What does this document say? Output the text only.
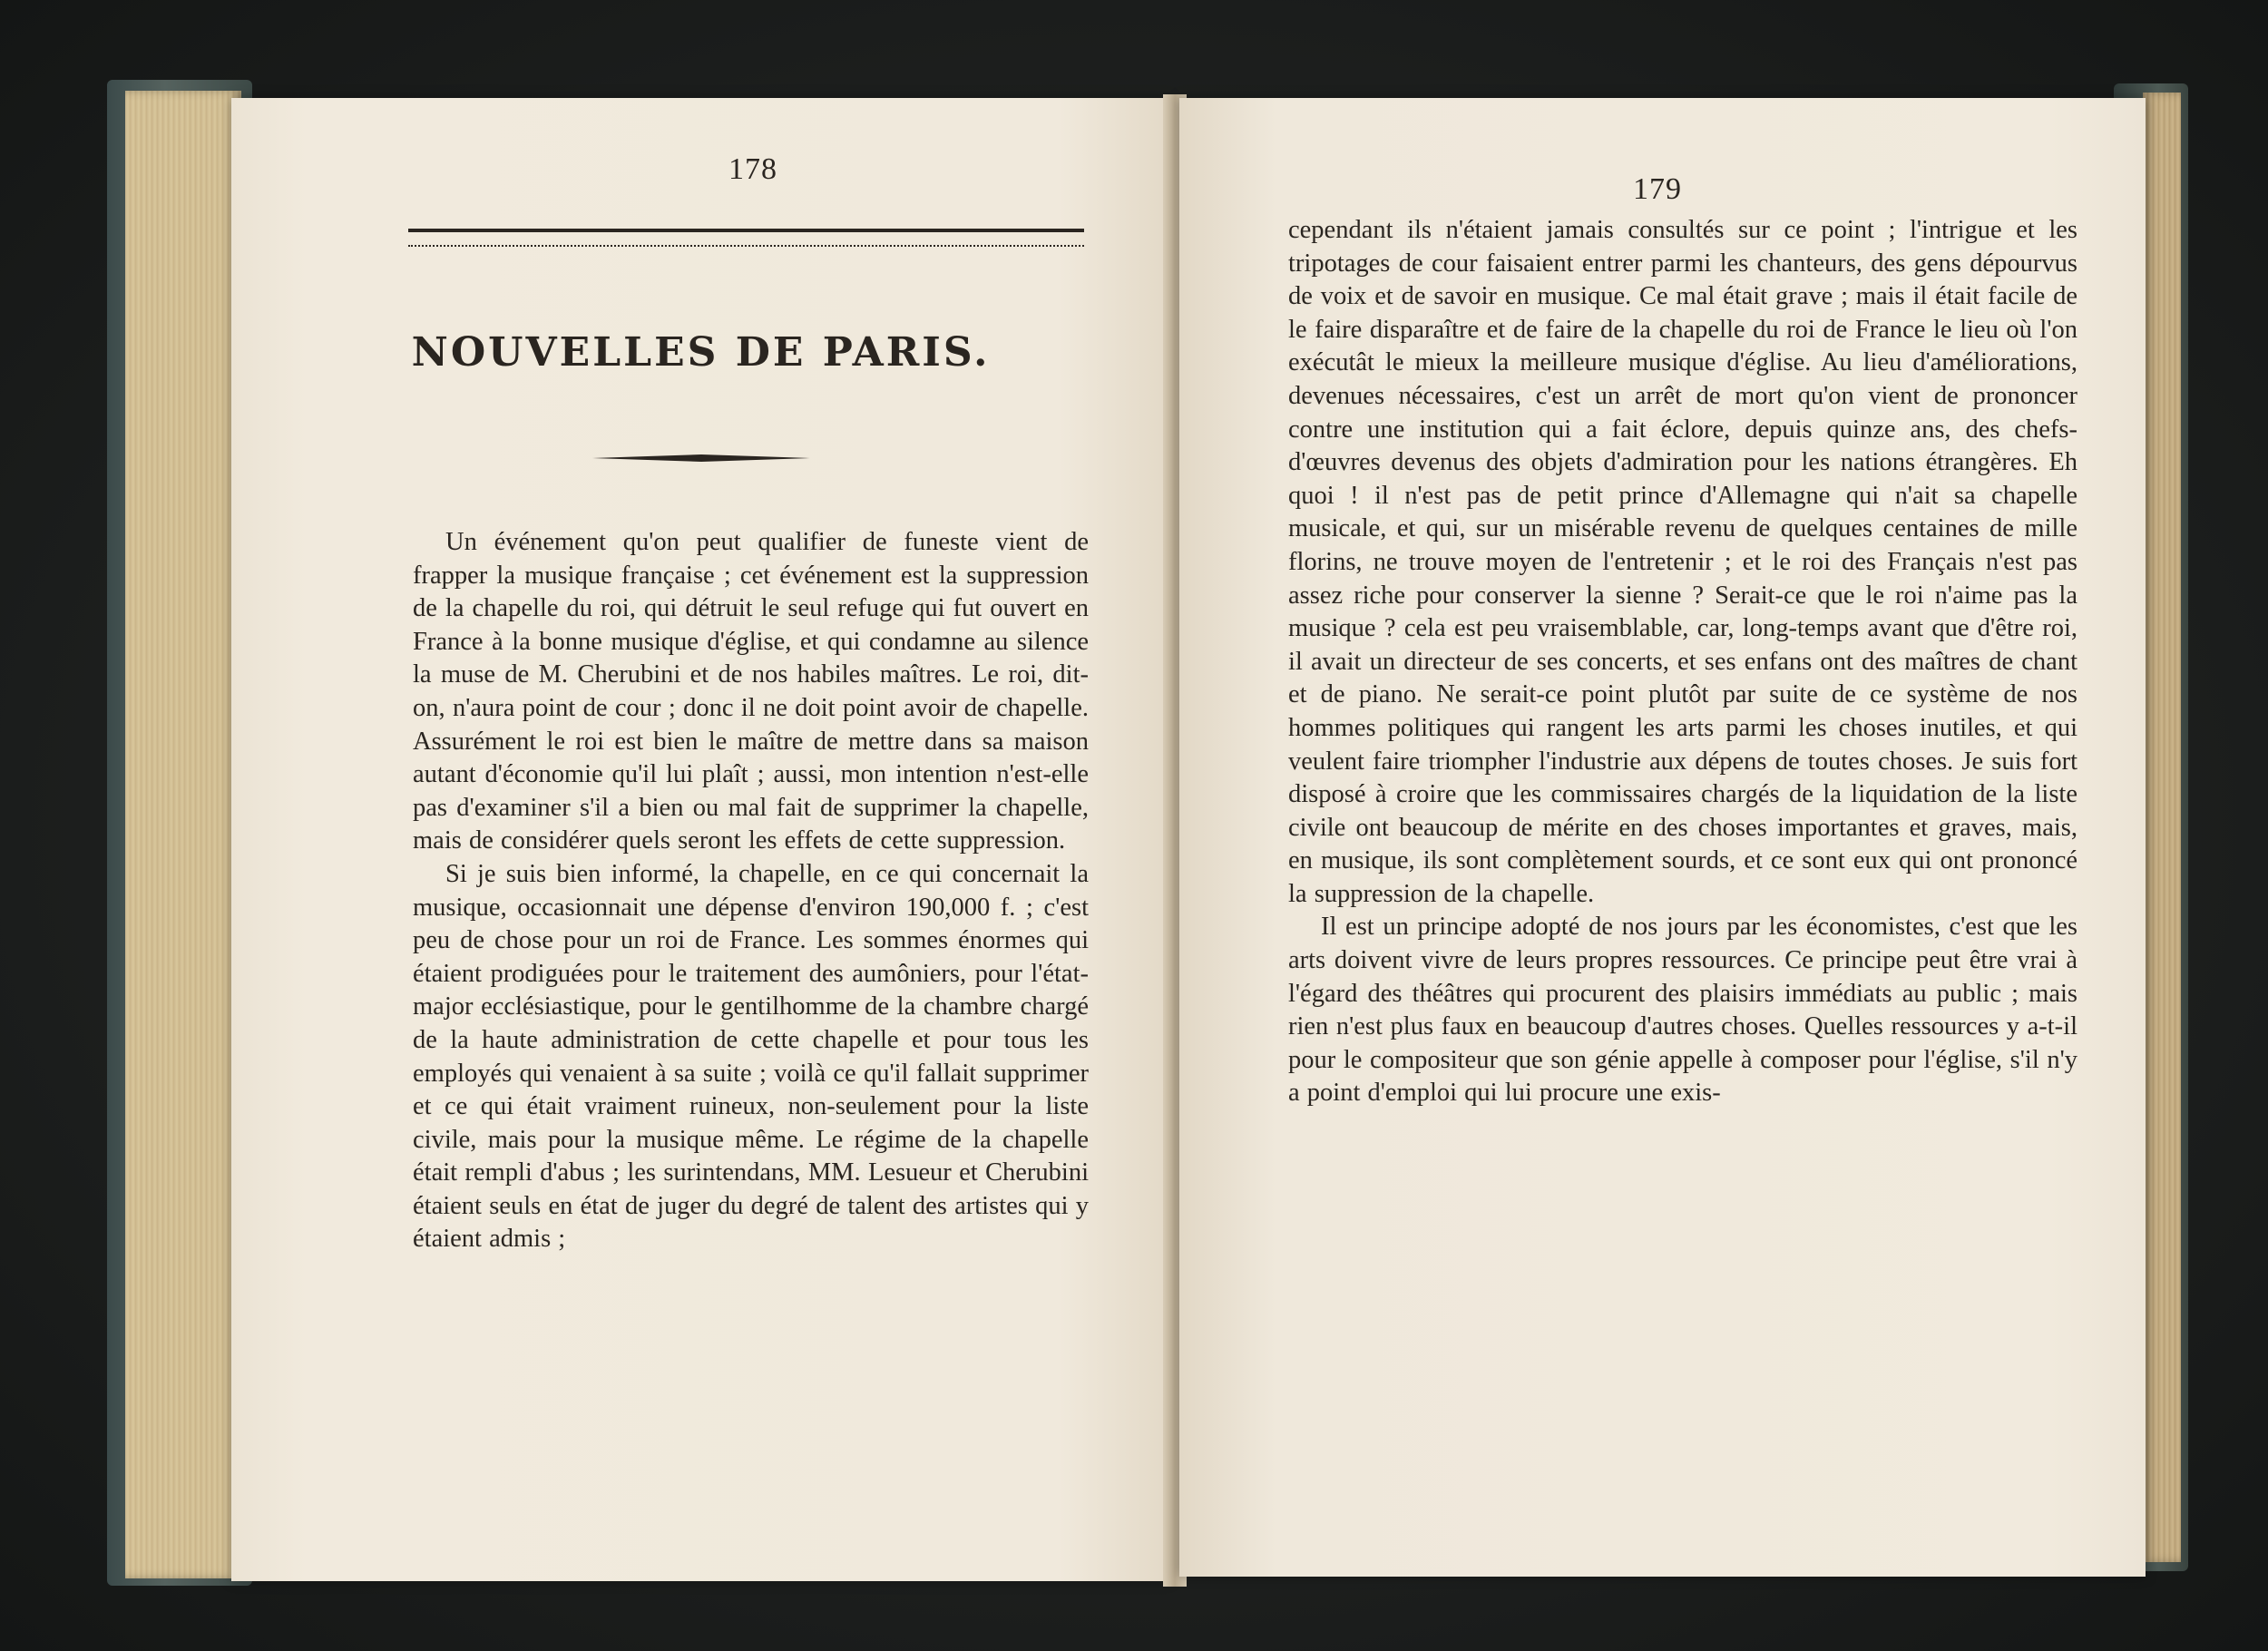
178
NOUVELLES DE PARIS.

Un événement qu'on peut qualifier de funeste vient de frapper la musique française ; cet événement est la suppression de la chapelle du roi, qui détruit le seul refuge qui fut ouvert en France à la bonne musique d'église, et qui condamne au silence la muse de M. Cherubini et de nos habiles maîtres. Le roi, dit-on, n'aura point de cour ; donc il ne doit point avoir de chapelle. Assurément le roi est bien le maître de mettre dans sa maison autant d'économie qu'il lui plaît ; aussi, mon intention n'est-elle pas d'examiner s'il a bien ou mal fait de supprimer la chapelle, mais de considérer quels seront les effets de cette suppression.

Si je suis bien informé, la chapelle, en ce qui concernait la musique, occasionnait une dépense d'environ 190,000 f. ; c'est peu de chose pour un roi de France. Les sommes énormes qui étaient prodiguées pour le traitement des aumôniers, pour l'état-major ecclésiastique, pour le gentilhomme de la chambre chargé de la haute administration de cette chapelle et pour tous les employés qui venaient à sa suite ; voilà ce qu'il fallait supprimer et ce qui était vraiment ruineux, non-seulement pour la liste civile, mais pour la musique même. Le régime de la chapelle était rempli d'abus ; les surintendans, MM. Lesueur et Cherubini étaient seuls en état de juger du degré de talent des artistes qui y étaient admis ;

179

cependant ils n'étaient jamais consultés sur ce point ; l'intrigue et les tripotages de cour faisaient entrer parmi les chanteurs, des gens dépourvus de voix et de savoir en musique. Ce mal était grave ; mais il était facile de le faire disparaître et de faire de la chapelle du roi de France le lieu où l'on exécutât le mieux la meilleure musique d'église. Au lieu d'améliorations, devenues nécessaires, c'est un arrêt de mort qu'on vient de prononcer contre une institution qui a fait éclore, depuis quinze ans, des chefs-d'œuvres devenus des objets d'admiration pour les nations étrangères. Eh quoi ! il n'est pas de petit prince d'Allemagne qui n'ait sa chapelle musicale, et qui, sur un misérable revenu de quelques centaines de mille florins, ne trouve moyen de l'entretenir ; et le roi des Français n'est pas assez riche pour conserver la sienne ? Serait-ce que le roi n'aime pas la musique ? cela est peu vraisemblable, car, long-temps avant que d'être roi, il avait un directeur de ses concerts, et ses enfans ont des maîtres de chant et de piano. Ne serait-ce point plutôt par suite de ce système de nos hommes politiques qui rangent les arts parmi les choses inutiles, et qui veulent faire triompher l'industrie aux dépens de toutes choses. Je suis fort disposé à croire que les commissaires chargés de la liquidation de la liste civile ont beaucoup de mérite en des choses importantes et graves, mais, en musique, ils sont complètement sourds, et ce sont eux qui ont prononcé la suppression de la chapelle.

Il est un principe adopté de nos jours par les économistes, c'est que les arts doivent vivre de leurs propres ressources. Ce principe peut être vrai à l'égard des théâtres qui procurent des plaisirs immédiats au public ; mais rien n'est plus faux en beaucoup d'autres choses. Quelles ressources y a-t-il pour le compositeur que son génie appelle à composer pour l'église, s'il n'y a point d'emploi qui lui procure une exis-
